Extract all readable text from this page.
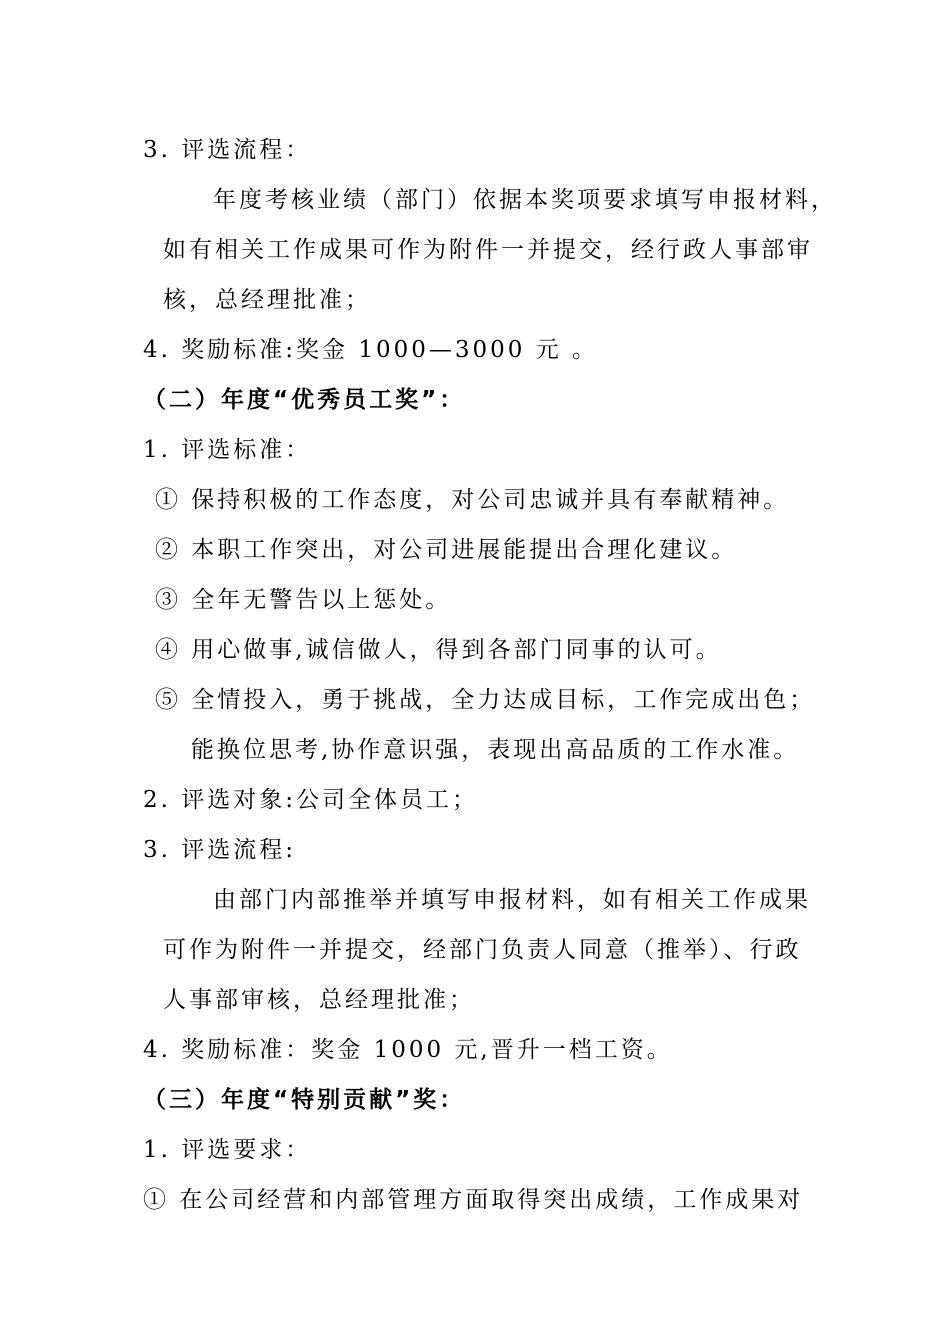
3. 评选流程：
年度考核业绩（部门）依据本奖项要求填写申报材料，
如有相关工作成果可作为附件一并提交，经行政人事部审
核，总经理批准；
4. 奖励标准:奖金 1000—3000 元 。
（二）年度“优秀员工奖”：
1. 评选标准：
① 保持积极的工作态度，对公司忠诚并具有奉献精神。
② 本职工作突出，对公司进展能提出合理化建议。
③ 全年无警告以上惩处。
④ 用心做事,诚信做人，得到各部门同事的认可。
⑤ 全情投入，勇于挑战，全力达成目标，工作完成出色；
能换位思考,协作意识强，表现出高品质的工作水准。
2. 评选对象:公司全体员工；
3. 评选流程:
由部门内部推举并填写申报材料，如有相关工作成果
可作为附件一并提交，经部门负责人同意（推举）、行政
人事部审核，总经理批准；
4. 奖励标准：奖金 1000 元,晋升一档工资。
（三）年度“特别贡献”奖：
1. 评选要求：
① 在公司经营和内部管理方面取得突出成绩，工作成果对
